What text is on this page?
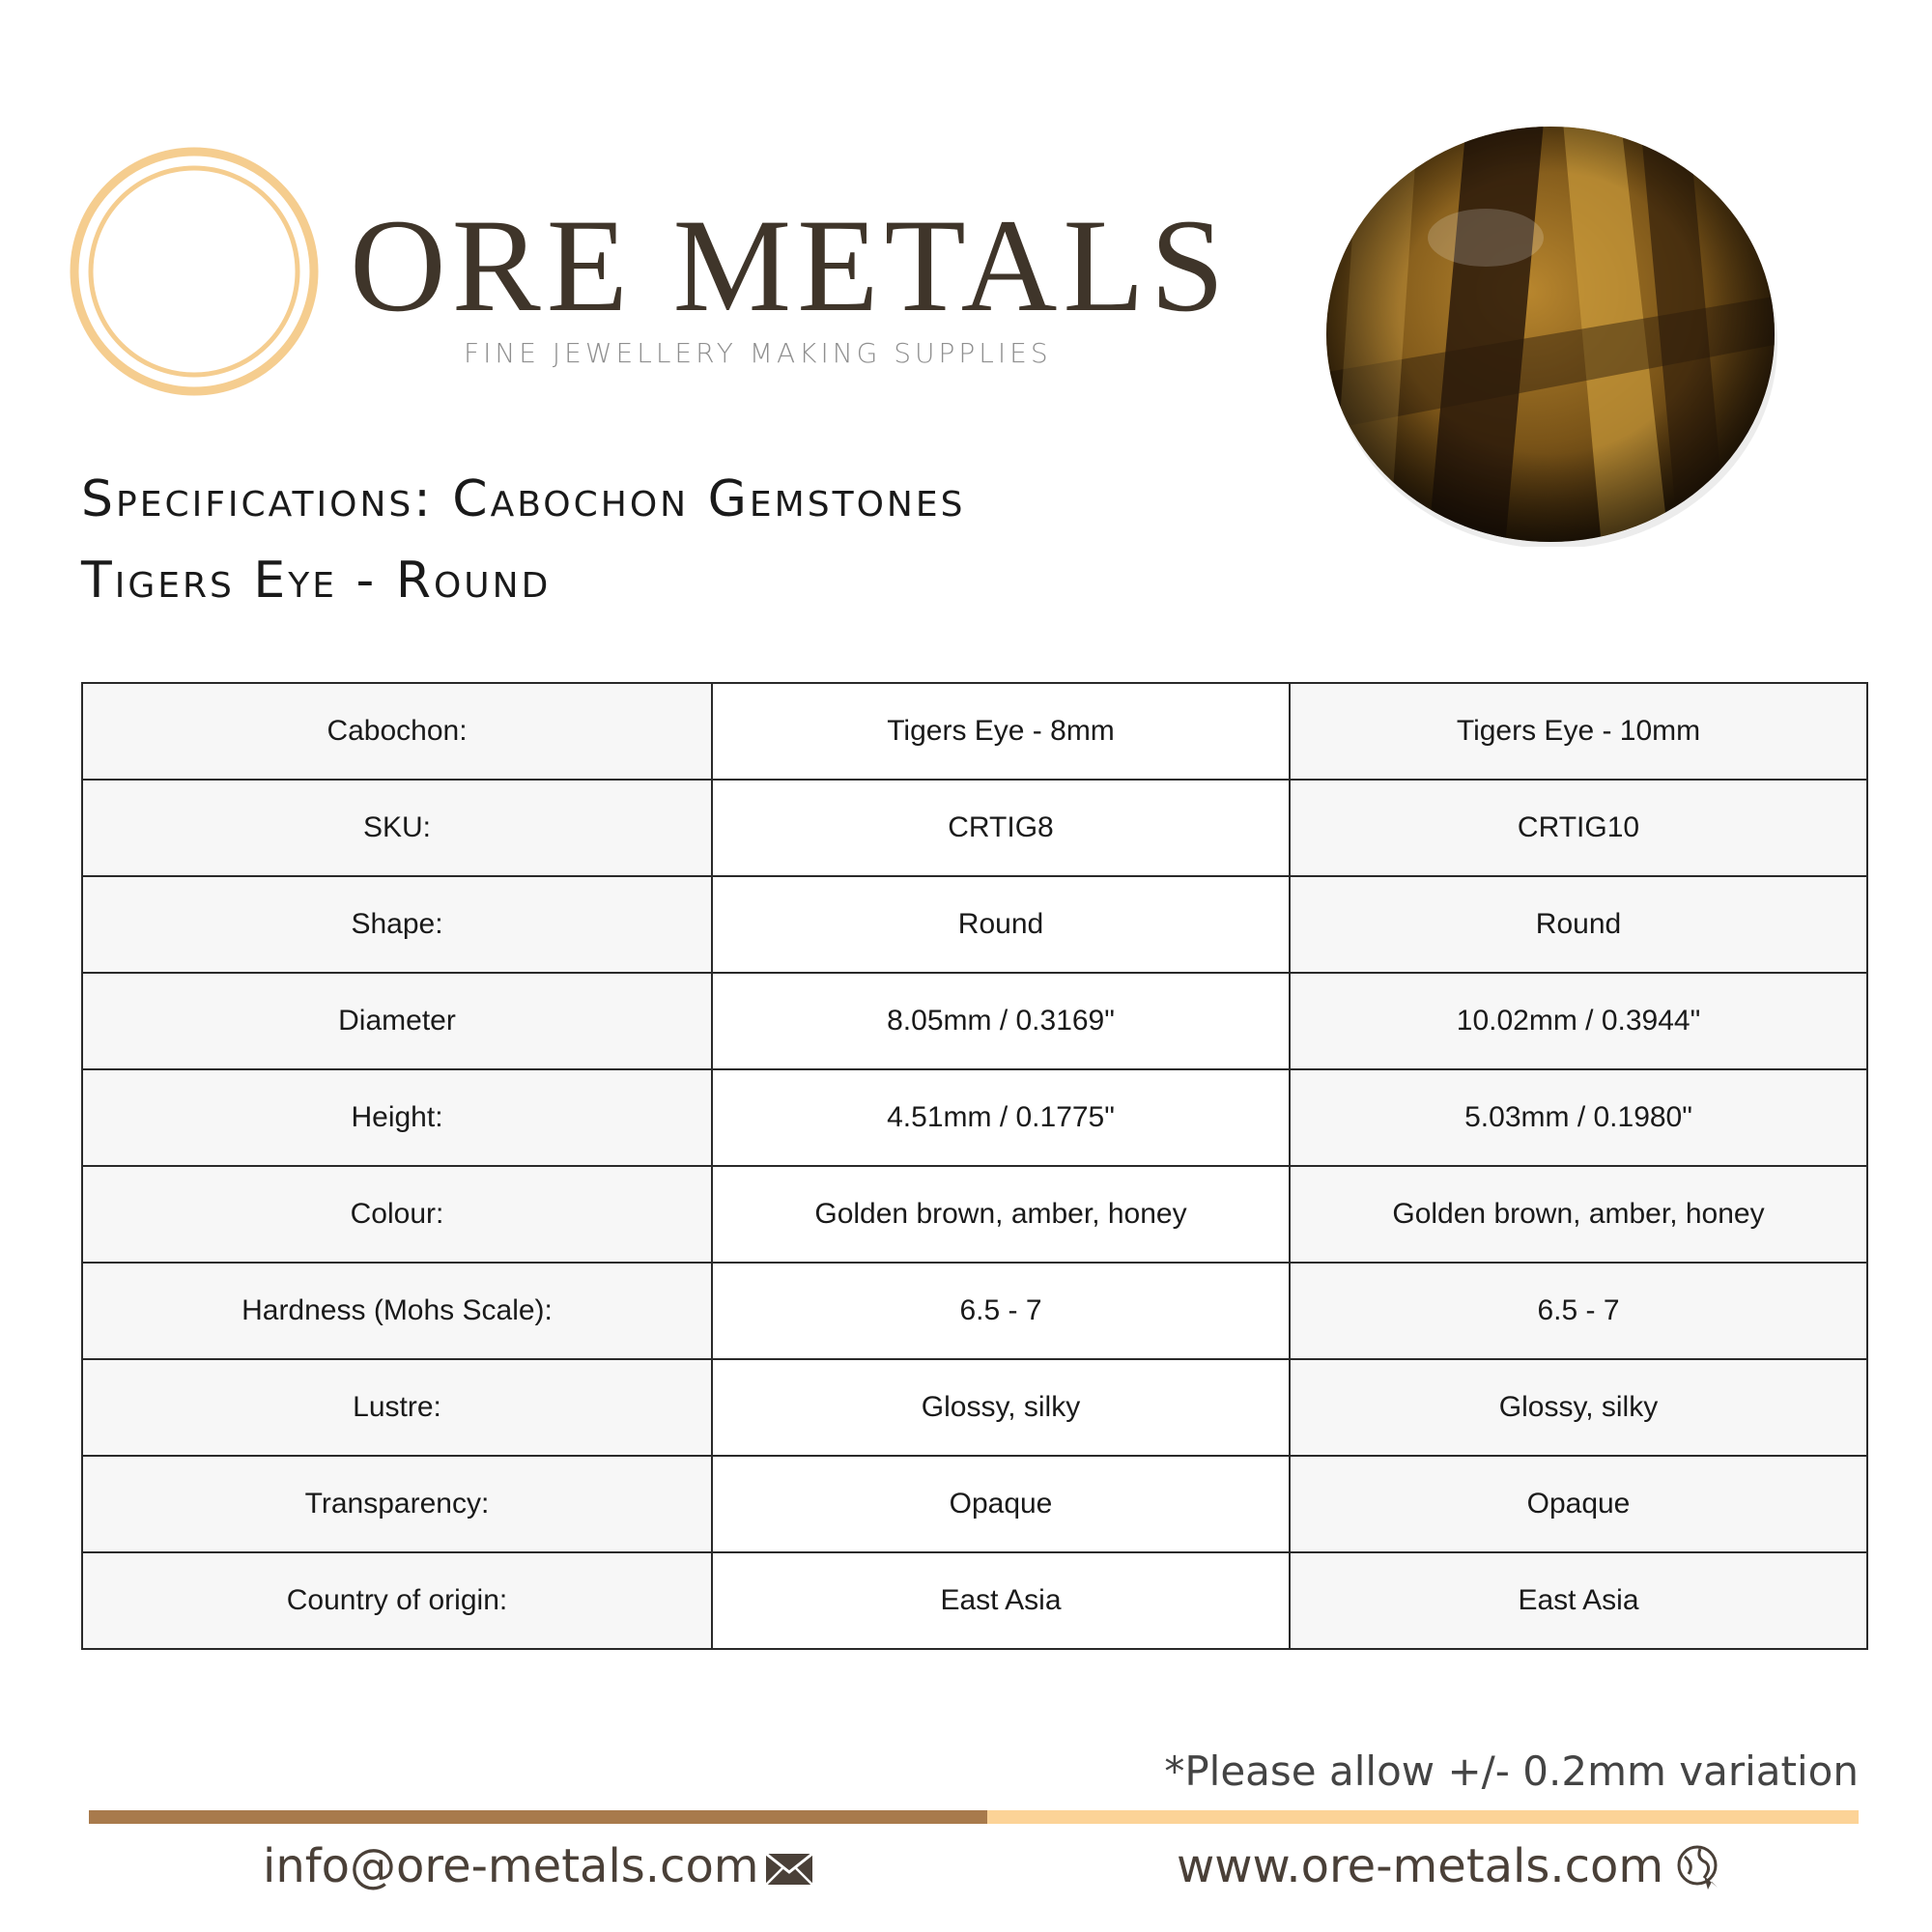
ORE METALS
FINE JEWELLERY MAKING SUPPLIES
Specifications: Cabochon Gemstones
Tigers Eye - Round
Cabochon:	Tigers Eye - 8mm	Tigers Eye - 10mm
SKU:	CRTIG8	CRTIG10
Shape:	Round	Round
Diameter	8.05mm / 0.3169"	10.02mm / 0.3944"
Height:	4.51mm / 0.1775"	5.03mm / 0.1980"
Colour:	Golden brown, amber, honey	Golden brown, amber, honey
Hardness (Mohs Scale):	6.5 - 7	6.5 - 7
Lustre:	Glossy, silky	Glossy, silky
Transparency:	Opaque	Opaque
Country of origin:	East Asia	East Asia
*Please allow +/- 0.2mm variation
info@ore-metals.com	www.ore-metals.com
